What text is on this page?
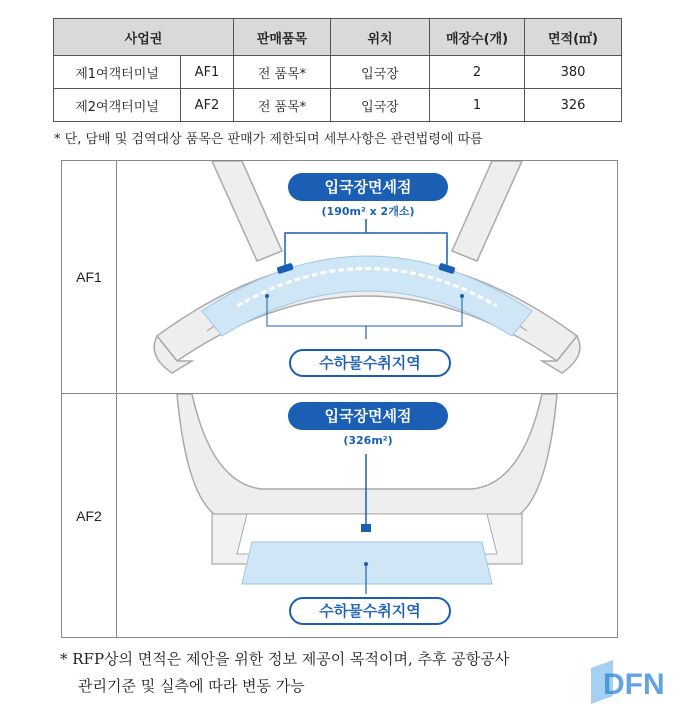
사업권		판매품목	위치	매장수(개)	면적(㎡)
제1여객터미널	AF1	전 품목*	입국장	2	380
제2여객터미널	AF2	전 품목*	입국장	1	326
* 단, 담배 및 검역대상 품목은 판매가 제한되며 세부사항은 관련법령에 따름
AF1
입국장면세점
(190m² x 2개소)
수하물수취지역
AF2
입국장면세점
(326m²)
수하물수취지역
* RFP상의 면적은 제안을 위한 정보 제공이 목적이며, 추후 공항공사
관리기준 및 실측에 따라 변동 가능	DFN
